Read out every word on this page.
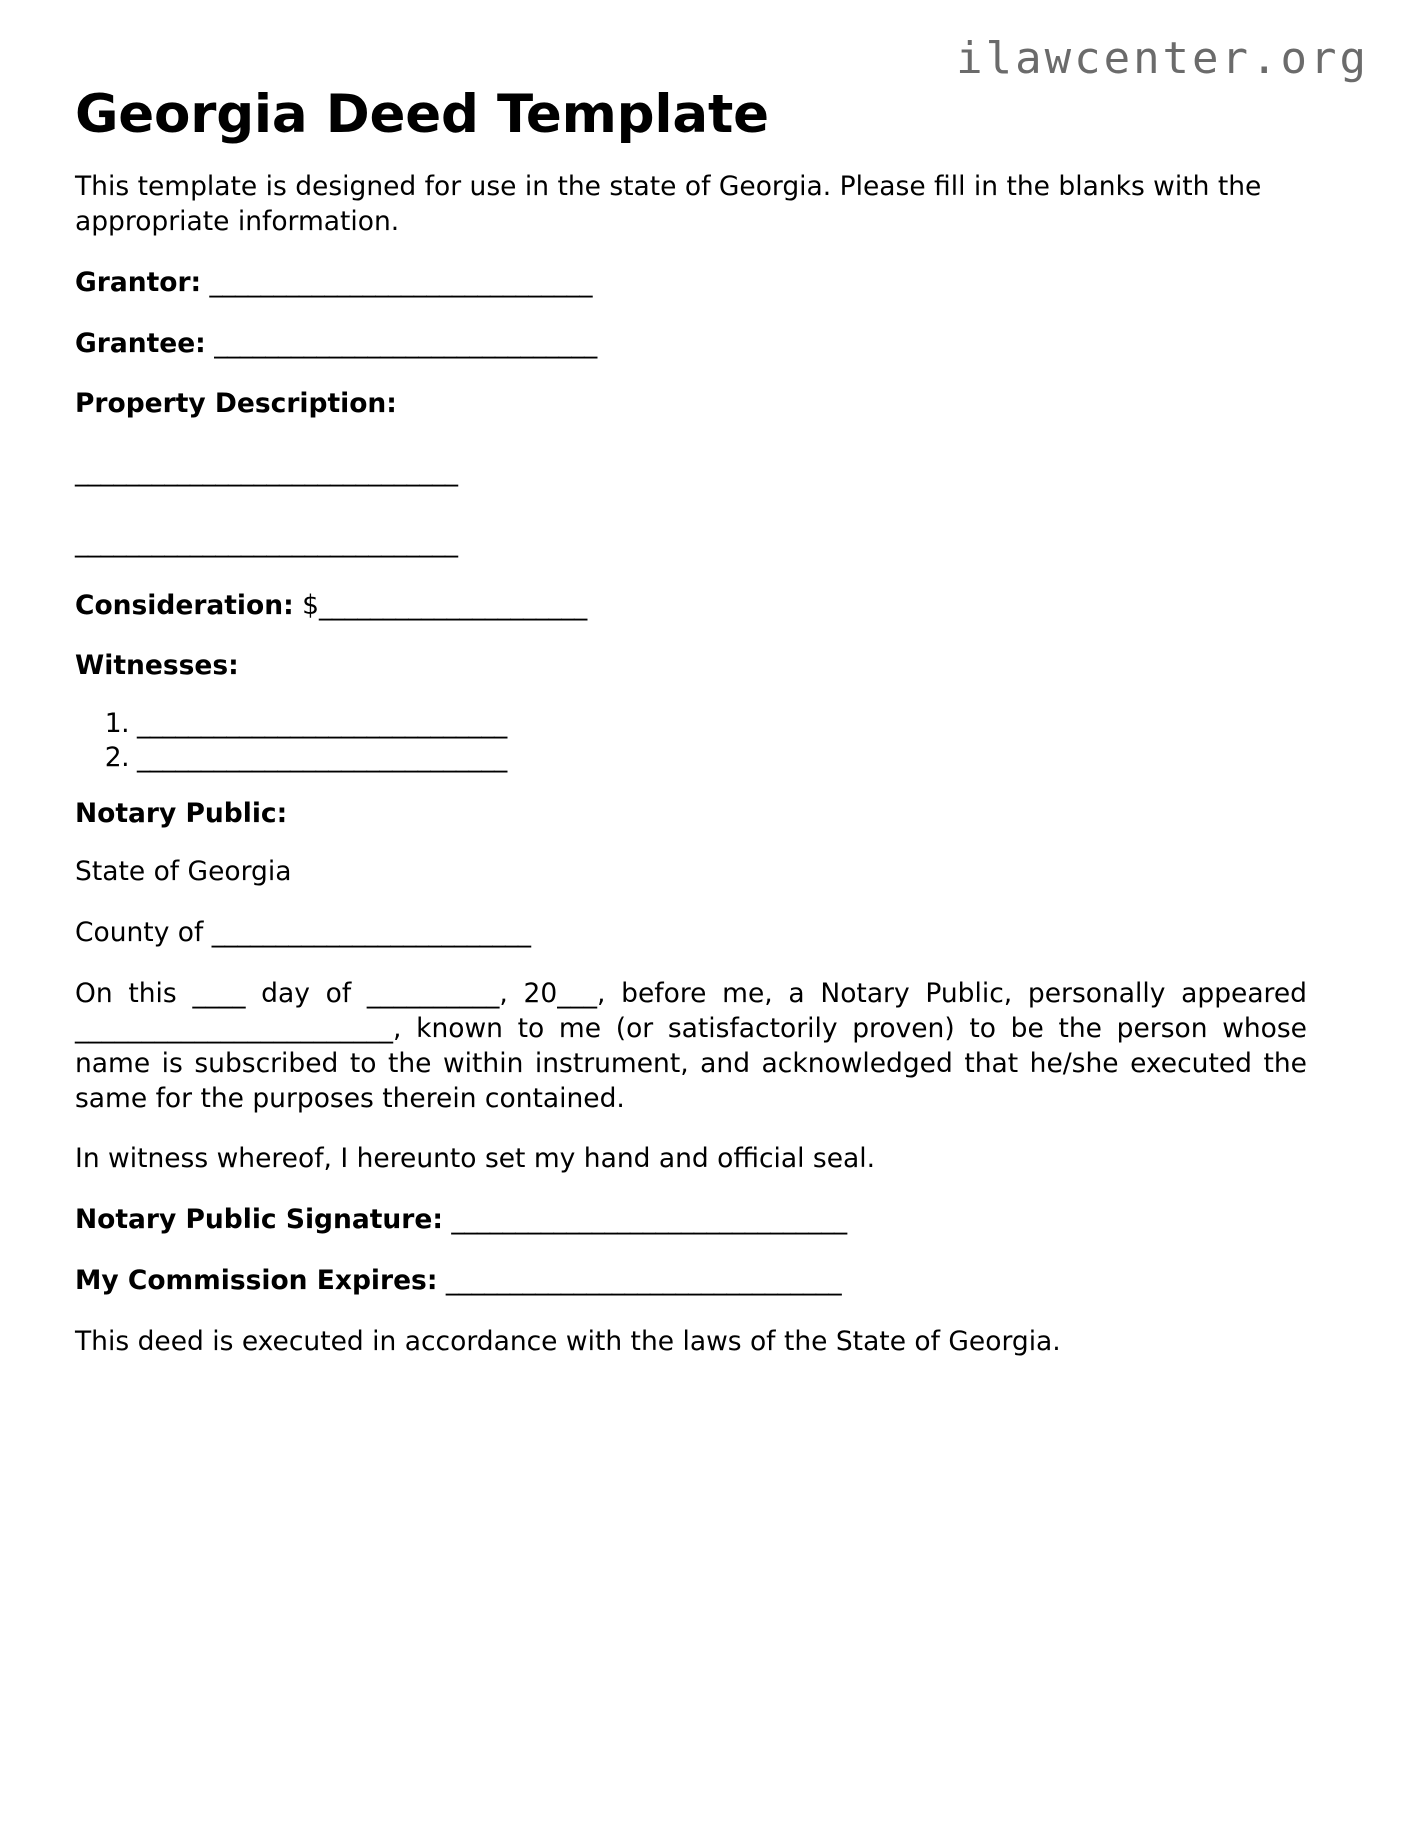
ilawcenter.org
Georgia Deed Template

This template is designed for use in the state of Georgia. Please fill in the blanks with the appropriate information.

Grantor: ______________________________

Grantee: ______________________________

Property Description:

______________________________

______________________________

Consideration: $_____________________

Witnesses:

1. _____________________________
2. _____________________________

Notary Public:

State of Georgia

County of _________________________

On this ____ day of __________, 20___, before me, a Notary Public, personally appeared ________________________, known to me (or satisfactorily proven) to be the person whose name is subscribed to the within instrument, and acknowledged that he/she executed the same for the purposes therein contained.

In witness whereof, I hereunto set my hand and official seal.

Notary Public Signature: _______________________________

My Commission Expires: _______________________________

This deed is executed in accordance with the laws of the State of Georgia.
